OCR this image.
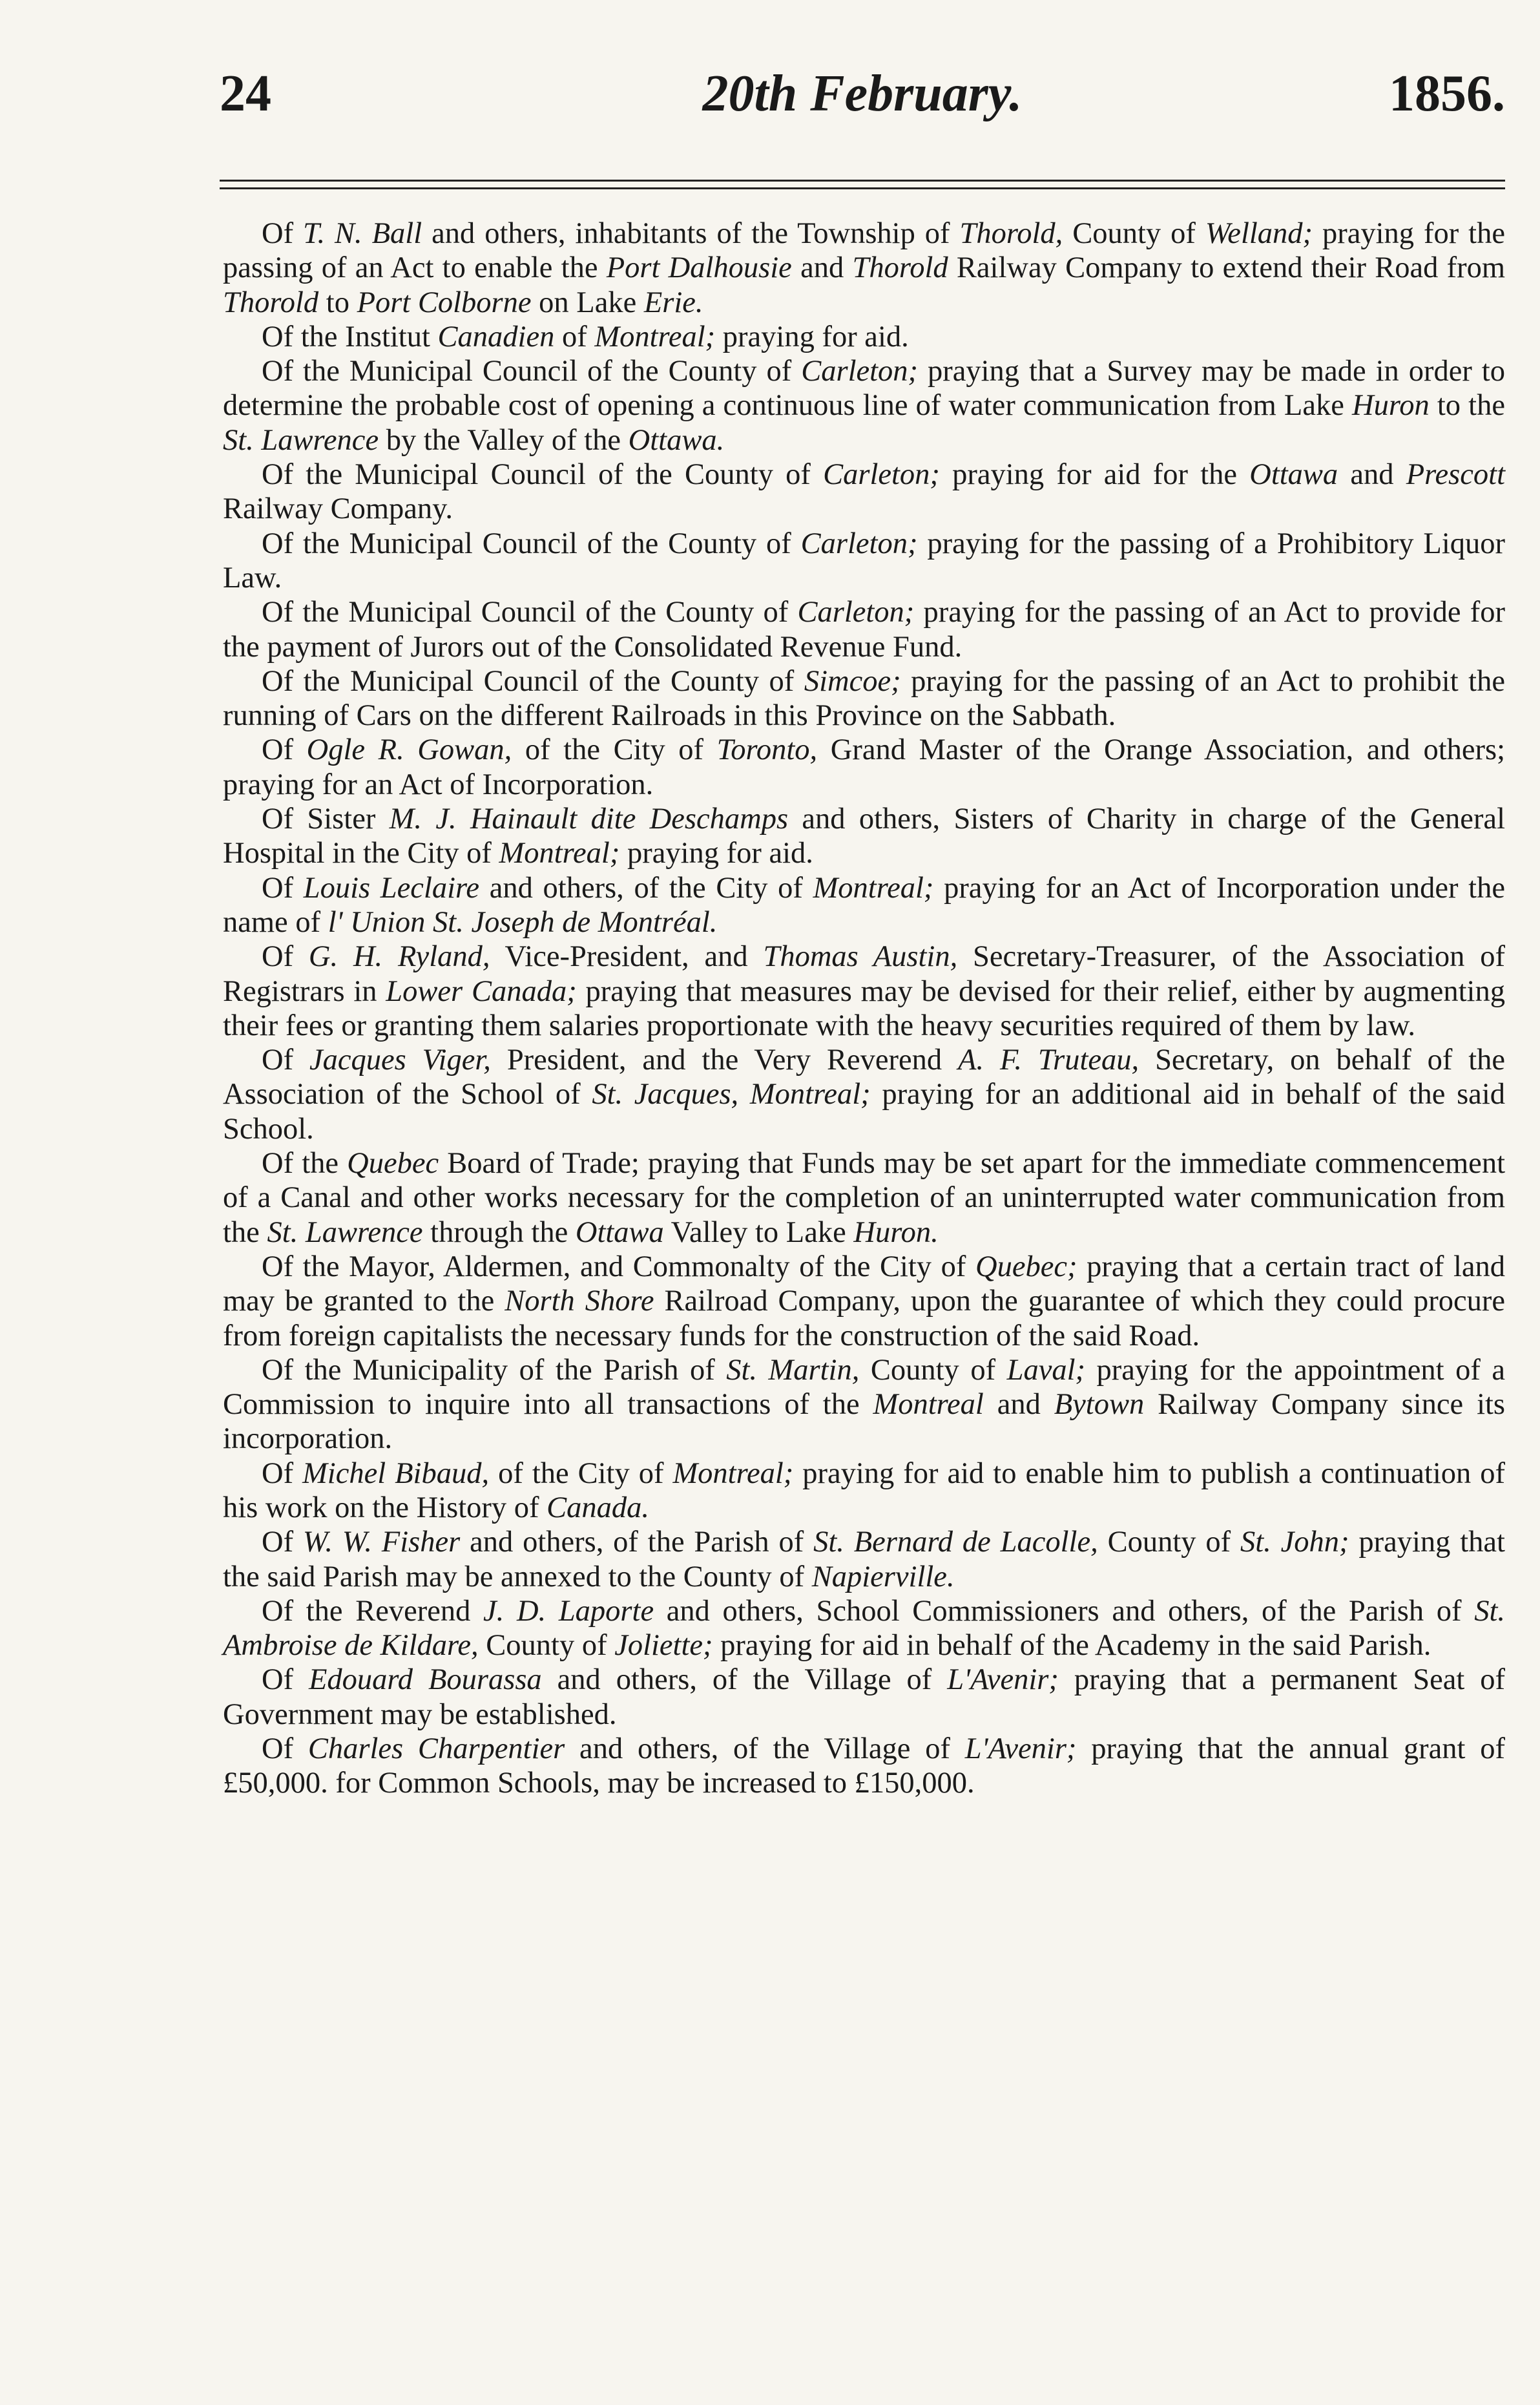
24	20th February.	1856.

Of T. N. Ball and others, inhabitants of the Township of Thorold, County of Welland; praying for the passing of an Act to enable the Port Dalhousie and Thorold Railway Company to extend their Road from Thorold to Port Colborne on Lake Erie.

Of the Institut Canadien of Montreal; praying for aid.

Of the Municipal Council of the County of Carleton; praying that a Survey may be made in order to determine the probable cost of opening a continuous line of water communication from Lake Huron to the St. Lawrence by the Valley of the Ottawa.

Of the Municipal Council of the County of Carleton; praying for aid for the Ottawa and Prescott Railway Company.

Of the Municipal Council of the County of Carleton; praying for the passing of a Prohibitory Liquor Law.

Of the Municipal Council of the County of Carleton; praying for the passing of an Act to provide for the payment of Jurors out of the Consolidated Revenue Fund.

Of the Municipal Council of the County of Simcoe; praying for the passing of an Act to prohibit the running of Cars on the different Railroads in this Province on the Sabbath.

Of Ogle R. Gowan, of the City of Toronto, Grand Master of the Orange Association, and others; praying for an Act of Incorporation.

Of Sister M. J. Hainault dite Deschamps and others, Sisters of Charity in charge of the General Hospital in the City of Montreal; praying for aid.

Of Louis Leclaire and others, of the City of Montreal; praying for an Act of Incorporation under the name of l' Union St. Joseph de Montréal.

Of G. H. Ryland, Vice-President, and Thomas Austin, Secretary-Treasurer, of the Association of Registrars in Lower Canada; praying that measures may be devised for their relief, either by augmenting their fees or granting them salaries proportionate with the heavy securities required of them by law.

Of Jacques Viger, President, and the Very Reverend A. F. Truteau, Secretary, on behalf of the Association of the School of St. Jacques, Montreal; praying for an additional aid in behalf of the said School.

Of the Quebec Board of Trade; praying that Funds may be set apart for the immediate commencement of a Canal and other works necessary for the completion of an uninterrupted water communication from the St. Lawrence through the Ottawa Valley to Lake Huron.

Of the Mayor, Aldermen, and Commonalty of the City of Quebec; praying that a certain tract of land may be granted to the North Shore Railroad Company, upon the guarantee of which they could procure from foreign capitalists the necessary funds for the construction of the said Road.

Of the Municipality of the Parish of St. Martin, County of Laval; praying for the appointment of a Commission to inquire into all transactions of the Montreal and Bytown Railway Company since its incorporation.

Of Michel Bibaud, of the City of Montreal; praying for aid to enable him to publish a continuation of his work on the History of Canada.

Of W. W. Fisher and others, of the Parish of St. Bernard de Lacolle, County of St. John; praying that the said Parish may be annexed to the County of Napierville.

Of the Reverend J. D. Laporte and others, School Commissioners and others, of the Parish of St. Ambroise de Kildare, County of Joliette; praying for aid in behalf of the Academy in the said Parish.

Of Edouard Bourassa and others, of the Village of L'Avenir; praying that a permanent Seat of Government may be established.

Of Charles Charpentier and others, of the Village of L'Avenir; praying that the annual grant of £50,000. for Common Schools, may be increased to £150,000.
